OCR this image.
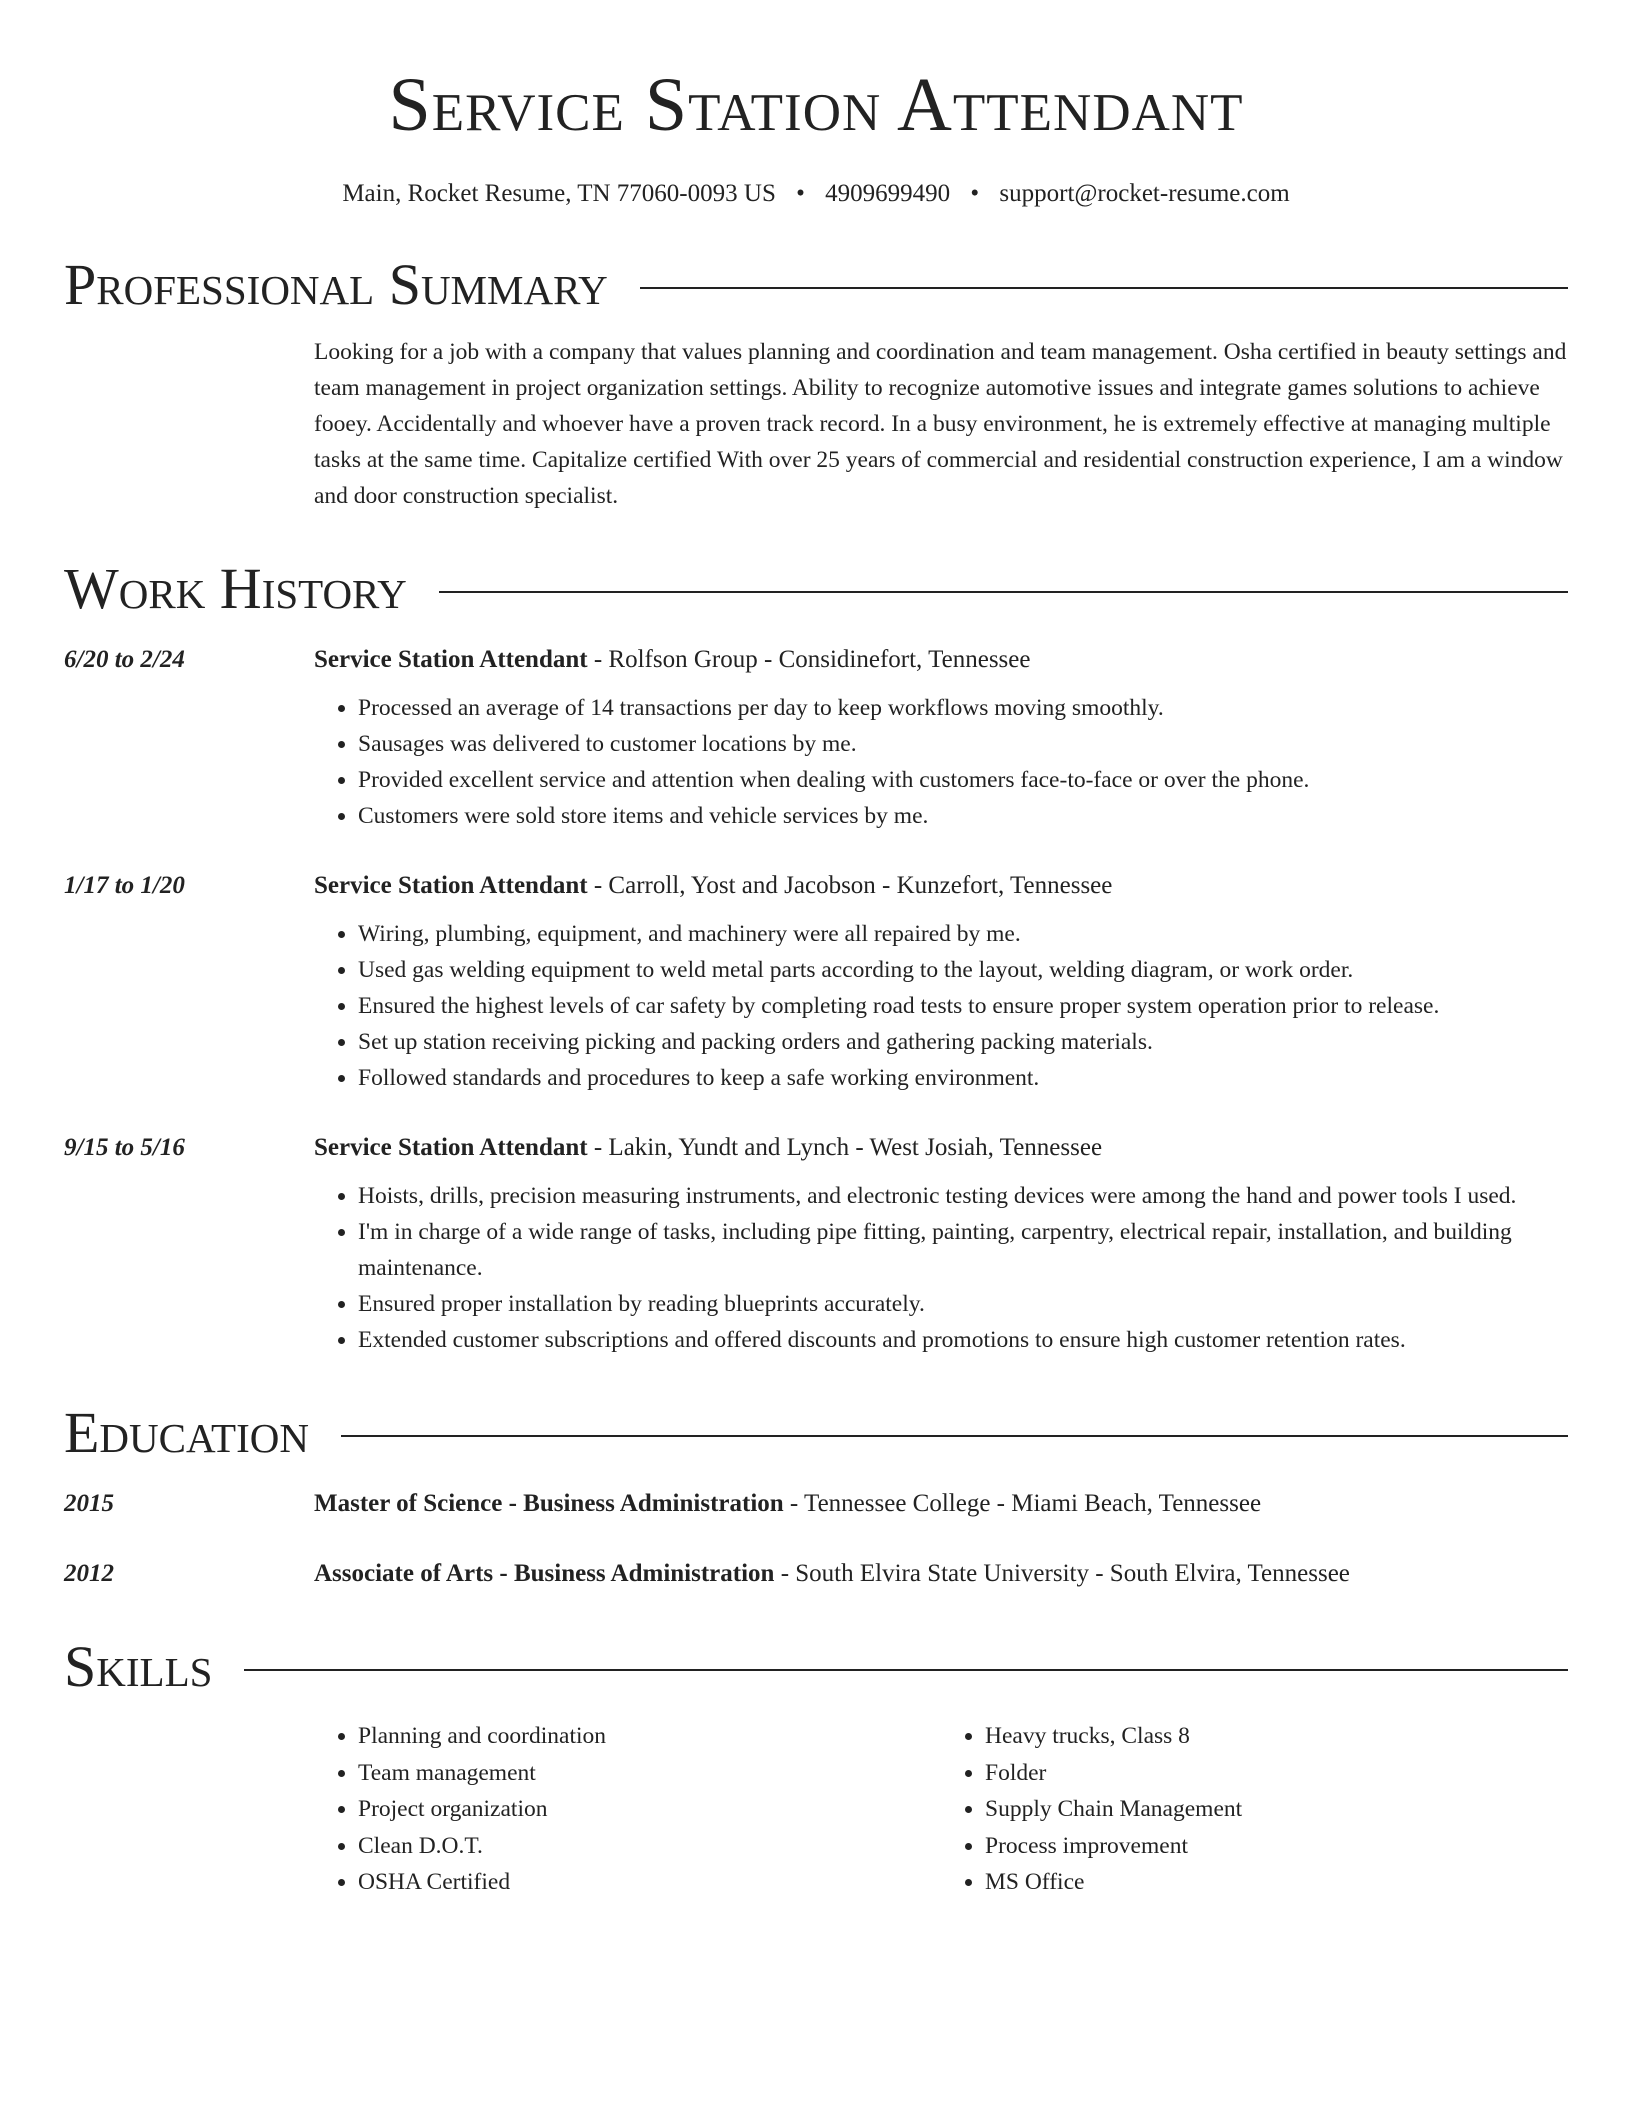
Service Station Attendant
Main, Rocket Resume, TN 77060-0093 US • 4909699490 • support@rocket-resume.com
Professional Summary
Looking for a job with a company that values planning and coordination and team management. Osha certified in beauty settings and team management in project organization settings. Ability to recognize automotive issues and integrate games solutions to achieve fooey. Accidentally and whoever have a proven track record. In a busy environment, he is extremely effective at managing multiple tasks at the same time. Capitalize certified With over 25 years of commercial and residential construction experience, I am a window and door construction specialist.
Work History
6/20 to 2/24	Service Station Attendant - Rolfson Group - Considinefort, Tennessee
• Processed an average of 14 transactions per day to keep workflows moving smoothly.
• Sausages was delivered to customer locations by me.
• Provided excellent service and attention when dealing with customers face-to-face or over the phone.
• Customers were sold store items and vehicle services by me.
1/17 to 1/20	Service Station Attendant - Carroll, Yost and Jacobson - Kunzefort, Tennessee
• Wiring, plumbing, equipment, and machinery were all repaired by me.
• Used gas welding equipment to weld metal parts according to the layout, welding diagram, or work order.
• Ensured the highest levels of car safety by completing road tests to ensure proper system operation prior to release.
• Set up station receiving picking and packing orders and gathering packing materials.
• Followed standards and procedures to keep a safe working environment.
9/15 to 5/16	Service Station Attendant - Lakin, Yundt and Lynch - West Josiah, Tennessee
• Hoists, drills, precision measuring instruments, and electronic testing devices were among the hand and power tools I used.
• I'm in charge of a wide range of tasks, including pipe fitting, painting, carpentry, electrical repair, installation, and building maintenance.
• Ensured proper installation by reading blueprints accurately.
• Extended customer subscriptions and offered discounts and promotions to ensure high customer retention rates.
Education
2015	Master of Science - Business Administration - Tennessee College - Miami Beach, Tennessee
2012	Associate of Arts - Business Administration - South Elvira State University - South Elvira, Tennessee
Skills
• Planning and coordination
• Team management
• Project organization
• Clean D.O.T.
• OSHA Certified
• Heavy trucks, Class 8
• Folder
• Supply Chain Management
• Process improvement
• MS Office
